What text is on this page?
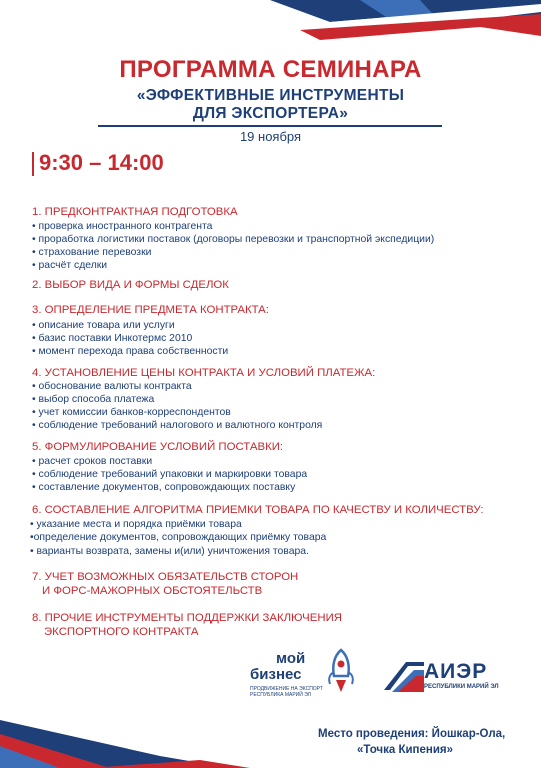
ПРОГРАММА СЕМИНАРА
«ЭФФЕКТИВНЫЕ ИНСТРУМЕНТЫ
ДЛЯ ЭКСПОРТЕРА»
19 ноября
9:30 – 14:00
1. ПРЕДКОНТРАКТНАЯ ПОДГОТОВКА
• проверка иностранного контрагента
• проработка логистики поставок (договоры перевозки и транспортной экспедиции)
• страхование перевозки
• расчёт сделки
2. ВЫБОР ВИДА И ФОРМЫ СДЕЛОК
3. ОПРЕДЕЛЕНИЕ ПРЕДМЕТА КОНТРАКТА:
• описание товара или услуги
• базис поставки Инкотермс 2010
• момент перехода права собственности
4. УСТАНОВЛЕНИЕ ЦЕНЫ КОНТРАКТА И УСЛОВИЙ ПЛАТЕЖА:
• обоснование валюты контракта
• выбор способа платежа
• учет комиссии банков-корреспондентов
• соблюдение требований налогового и валютного контроля
5. ФОРМУЛИРОВАНИЕ УСЛОВИЙ ПОСТАВКИ:
• расчет сроков поставки
• соблюдение требований упаковки и маркировки товара
• составление документов, сопровождающих поставку
6. СОСТАВЛЕНИЕ АЛГОРИТМА ПРИЕМКИ ТОВАРА ПО КАЧЕСТВУ И КОЛИЧЕСТВУ:
• указание места и порядка приёмки товара
•определение документов, сопровождающих приёмку товара
• варианты возврата, замены и(или) уничтожения товара.
7. УЧЕТ ВОЗМОЖНЫХ ОБЯЗАТЕЛЬСТВ СТОРОН
И ФОРС-МАЖОРНЫХ ОБСТОЯТЕЛЬСТВ
8. ПРОЧИЕ ИНСТРУМЕНТЫ ПОДДЕРЖКИ ЗАКЛЮЧЕНИЯ
ЭКСПОРТНОГО КОНТРАКТА
мой
бизнес
ПРОДВИЖЕНИЕ НА ЭКСПОРТ
РЕСПУБЛИКА МАРИЙ ЭЛ
АИЭР
РЕСПУБЛИКИ МАРИЙ ЭЛ
Место проведения: Йошкар-Ола,
«Точка Кипения»
